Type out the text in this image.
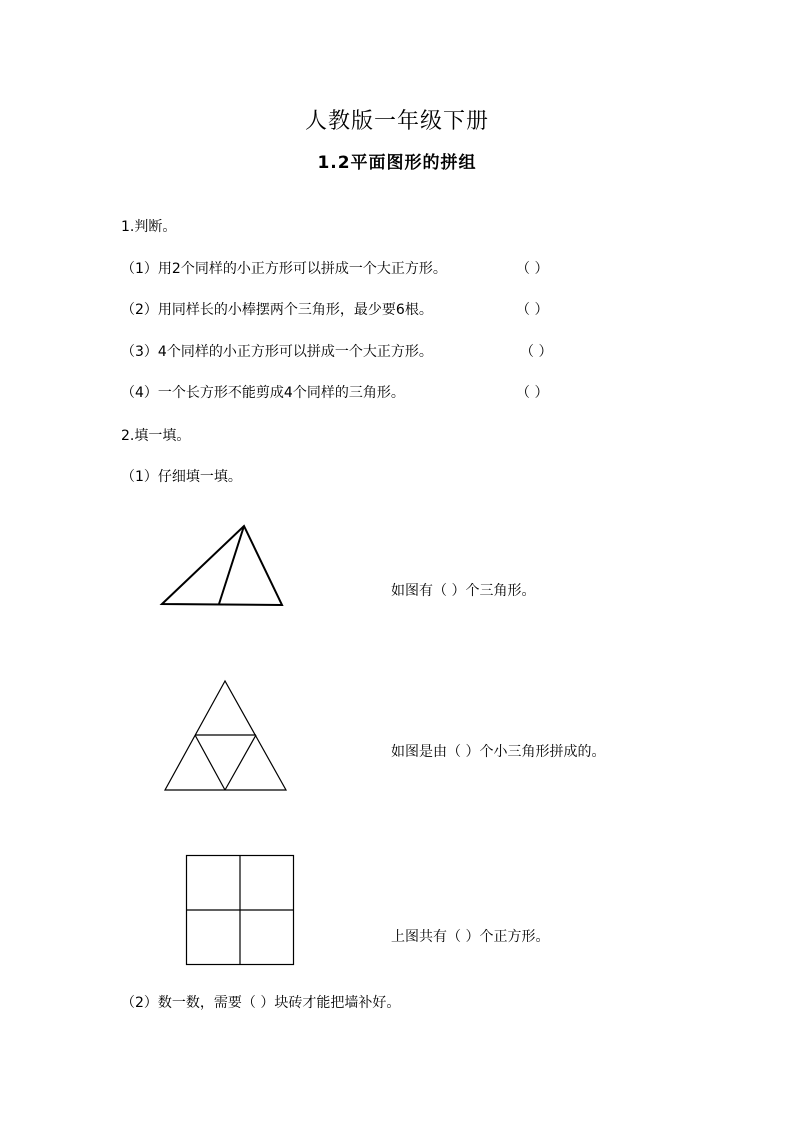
人教版一年级下册
1.2平面图形的拼组
1.判断。
（1）用2个同样的小正方形可以拼成一个大正方形。	（ ）
（2）用同样长的小棒摆两个三角形，最少要6根。	（ ）
（3）4个同样的小正方形可以拼成一个大正方形。	（ ）
（4）一个长方形不能剪成4个同样的三角形。	（ ）
2.填一填。
（1）仔细填一填。
如图有（ ）个三角形。
如图是由（ ）个小三角形拼成的。
上图共有（ ）个正方形。
（2）数一数，需要（ ）块砖才能把墙补好。
